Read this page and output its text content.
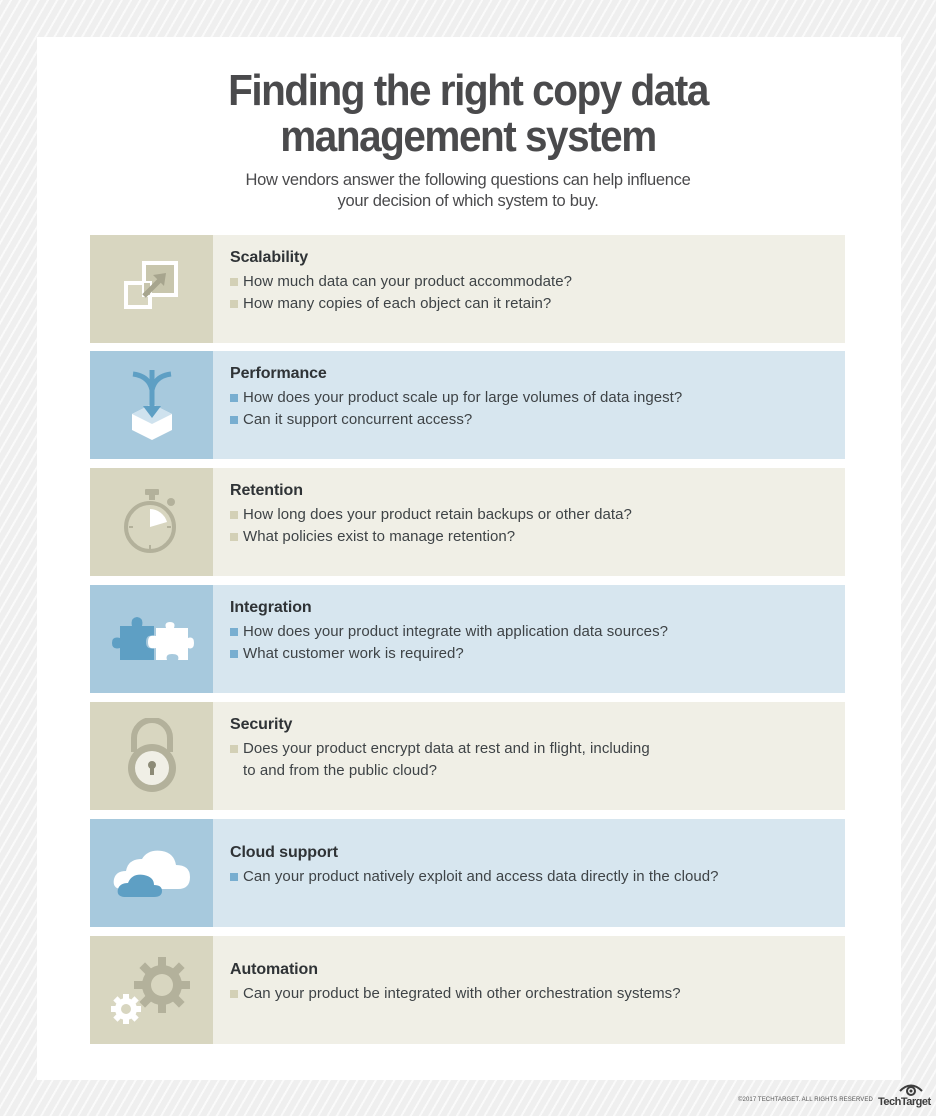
Finding the right copy data
management system

How vendors answer the following questions can help influence
your decision of which system to buy.

Scalability
How much data can your product accommodate?
How many copies of each object can it retain?
Performance
How does your product scale up for large volumes of data ingest?
Can it support concurrent access?
Retention
How long does your product retain backups or other data?
What policies exist to manage retention?
Integration
How does your product integrate with application data sources?
What customer work is required?
Security
Does your product encrypt data at rest and in flight, including
to and from the public cloud?
Cloud support
Can your product natively exploit and access data directly in the cloud?
Automation
Can your product be integrated with other orchestration systems?
©2017 TECHTARGET. ALL RIGHTS RESERVED TechTarget
